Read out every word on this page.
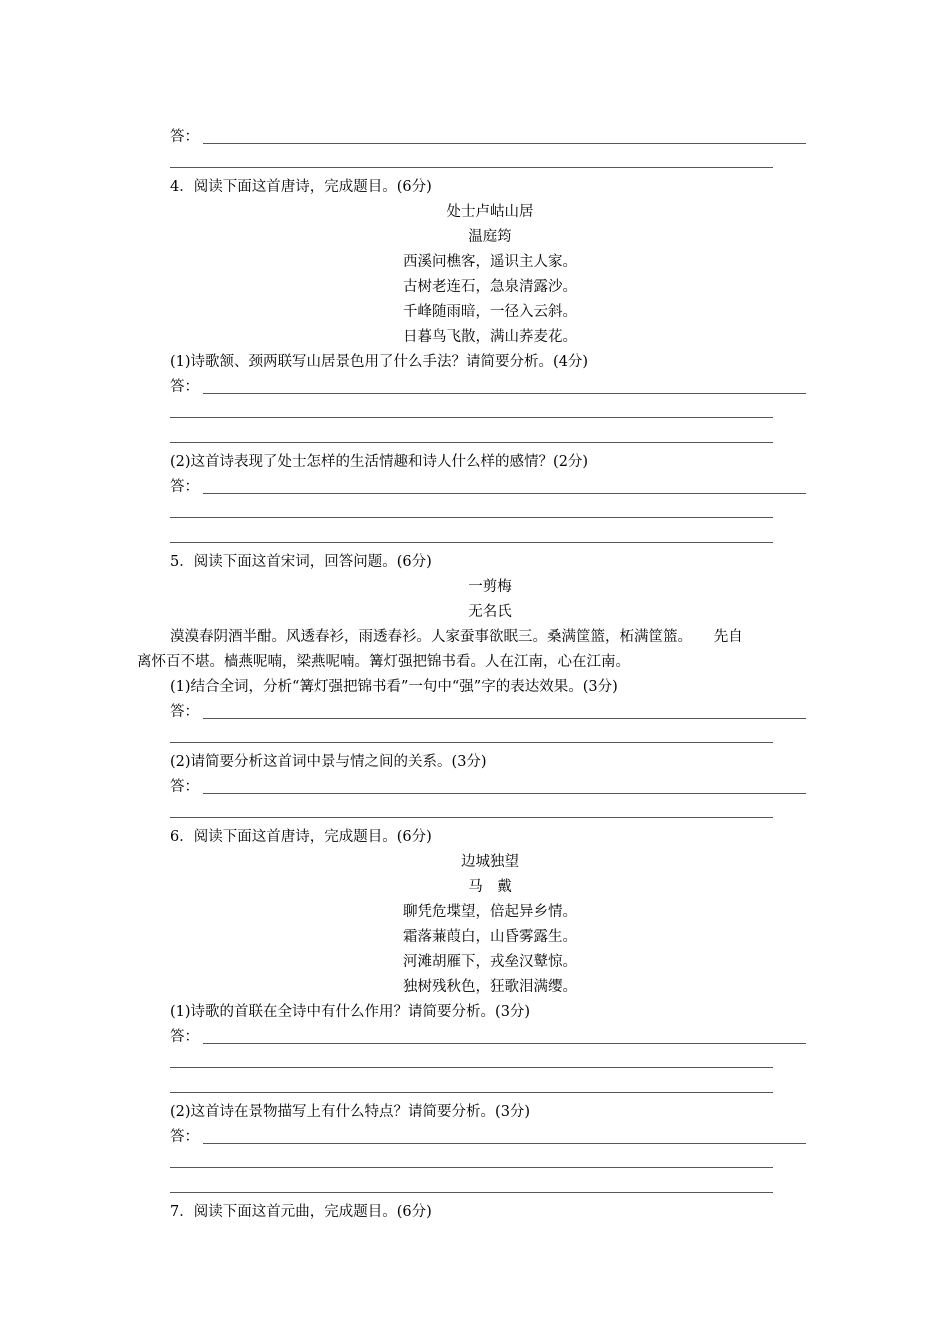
答：
4．阅读下面这首唐诗，完成题目。(6分)
处士卢岵山居
温庭筠
西溪问樵客，遥识主人家。
古树老连石，急泉清露沙。
千峰随雨暗，一径入云斜。
日暮鸟飞散，满山荞麦花。
(1)诗歌颔、颈两联写山居景色用了什么手法？请简要分析。(4分)
答：
(2)这首诗表现了处士怎样的生活情趣和诗人什么样的感情？(2分)
答：
5．阅读下面这首宋词，回答问题。(6分)
一剪梅
无名氏
漠漠春阴酒半酣。风透春衫，雨透春衫。人家蚕事欲眠三。桑满筐篮，柘满筐篮。　　先自
离怀百不堪。樯燕呢喃，梁燕呢喃。篝灯强把锦书看。人在江南，心在江南。
(1)结合全词，分析“篝灯强把锦书看”一句中“强”字的表达效果。(3分)
答：
(2)请简要分析这首词中景与情之间的关系。(3分)
答：
6．阅读下面这首唐诗，完成题目。(6分)
边城独望
马　戴
聊凭危堞望，倍起异乡情。
霜落蒹葭白，山昏雾露生。
河滩胡雁下，戎垒汉鼙惊。
独树残秋色，狂歌泪满缨。
(1)诗歌的首联在全诗中有什么作用？请简要分析。(3分)
答：
(2)这首诗在景物描写上有什么特点？请简要分析。(3分)
答：
7．阅读下面这首元曲，完成题目。(6分)
